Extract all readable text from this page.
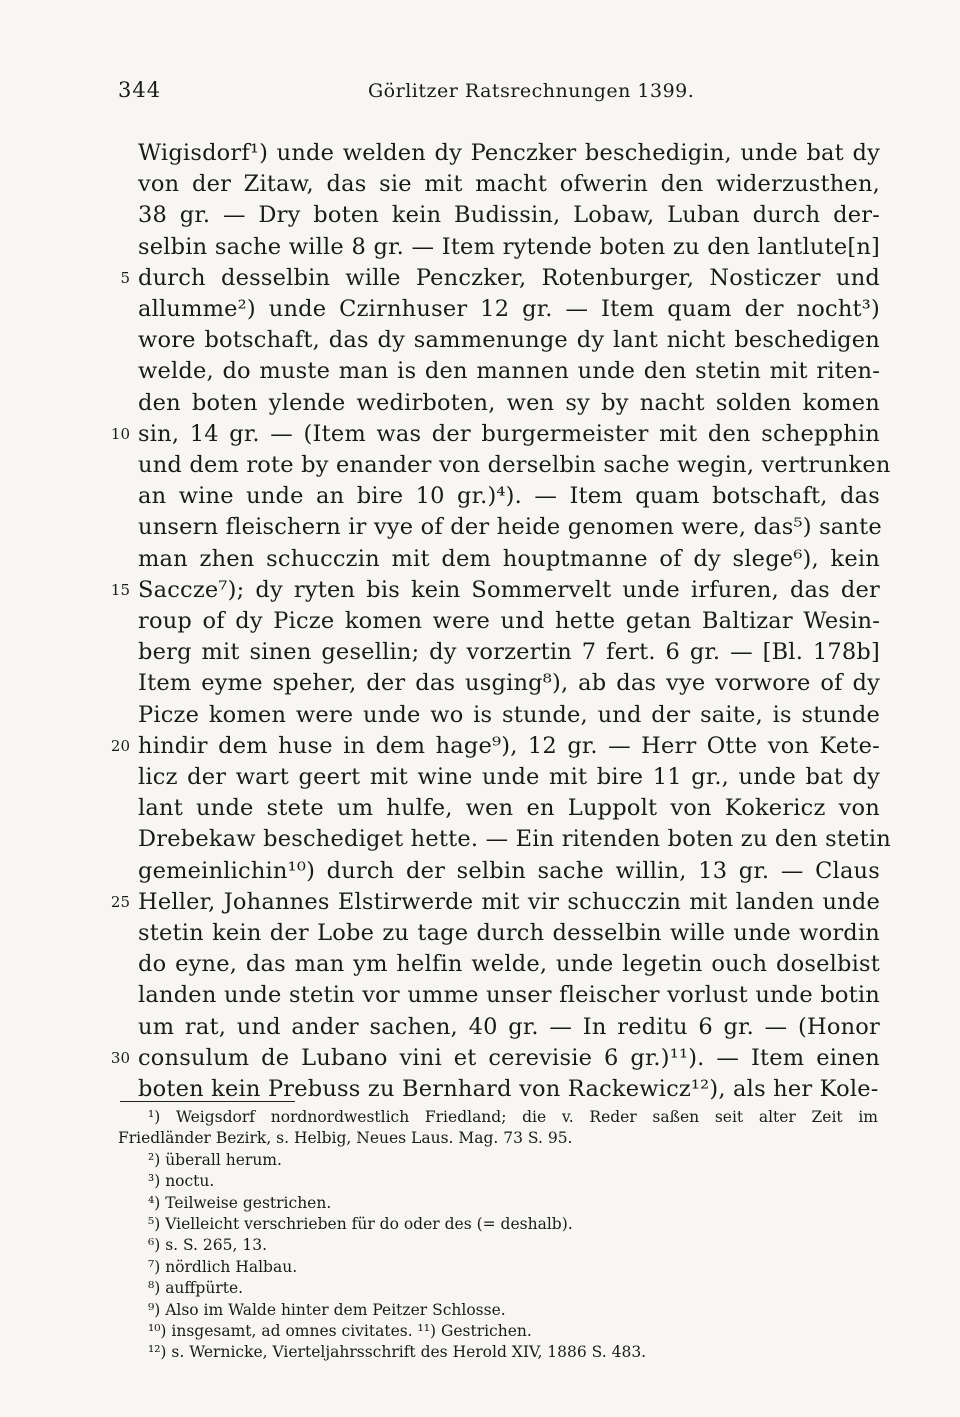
344	Görlitzer Ratsrechnungen 1399.
Wigisdorf¹) unde welden dy Penczker beschedigin, unde bat dy
von der Zitaw, das sie mit macht ofwerin den widerzusthen,
38 gr. — Dry boten kein Budissin, Lobaw, Luban durch der-
selbin sache wille 8 gr. — Item rytende boten zu den lantlute[n]
5 durch desselbin wille Penczker, Rotenburger, Nosticzer und
allumme²) unde Czirnhuser 12 gr. — Item quam der nocht³)
wore botschaft, das dy sammenunge dy lant nicht beschedigen
welde, do muste man is den mannen unde den stetin mit riten-
den boten ylende wedirboten, wen sy by nacht solden komen
10 sin, 14 gr. — (Item was der burgermeister mit den schepphin
und dem rote by enander von derselbin sache wegin, vertrunken
an wine unde an bire 10 gr.)⁴). — Item quam botschaft, das
unsern fleischern ir vye of der heide genomen were, das⁵) sante
man zhen schucczin mit dem houptmanne of dy slege⁶), kein
15 Saccze⁷); dy ryten bis kein Sommervelt unde irfuren, das der
roup of dy Picze komen were und hette getan Baltizar Wesin-
berg mit sinen gesellin; dy vorzertin 7 fert. 6 gr. — [Bl. 178b]
Item eyme speher, der das usging⁸), ab das vye vorwore of dy
Picze komen were unde wo is stunde, und der saite, is stunde
20 hindir dem huse in dem hage⁹), 12 gr. — Herr Otte von Kete-
licz der wart geert mit wine unde mit bire 11 gr., unde bat dy
lant unde stete um hulfe, wen en Luppolt von Kokericz von
Drebekaw beschediget hette. — Ein ritenden boten zu den stetin
gemeinlichin¹⁰) durch der selbin sache willin, 13 gr. — Claus
25 Heller, Johannes Elstirwerde mit vir schucczin mit landen unde
stetin kein der Lobe zu tage durch desselbin wille unde wordin
do eyne, das man ym helfin welde, unde legetin ouch doselbist
landen unde stetin vor umme unser fleischer vorlust unde botin
um rat, und ander sachen, 40 gr. — In reditu 6 gr. — (Honor
30 consulum de Lubano vini et cerevisie 6 gr.)¹¹). — Item einen
boten kein Prebuss zu Bernhard von Rackewicz¹²), als her Kole-
¹) Weigsdorf nordnordwestlich Friedland; die v. Reder saßen seit alter Zeit im
Friedländer Bezirk, s. Helbig, Neues Laus. Mag. 73 S. 95.
²) überall herum.
³) noctu.
⁴) Teilweise gestrichen.
⁵) Vielleicht verschrieben für do oder des (= deshalb).
⁶) s. S. 265, 13.
⁷) nördlich Halbau.
⁸) auffpürte.
⁹) Also im Walde hinter dem Peitzer Schlosse.
¹⁰) insgesamt, ad omnes civitates. ¹¹) Gestrichen.
¹²) s. Wernicke, Vierteljahrsschrift des Herold XIV, 1886 S. 483.
